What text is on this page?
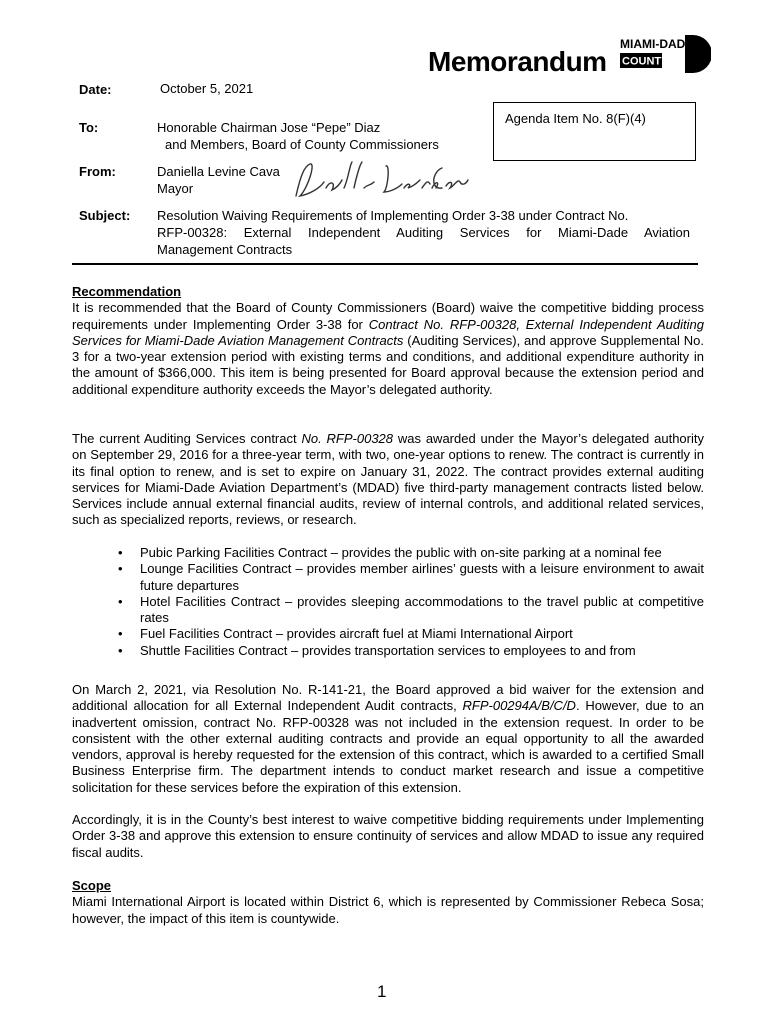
Memorandum
MIAMI-DADE
COUNTY
Date:	October 5, 2021
Agenda Item No. 8(F)(4)
To:	Honorable Chairman Jose “Pepe” Diaz
and Members, Board of County Commissioners
From:	Daniella Levine Cava
Mayor
Subject: Resolution Waiving Requirements of Implementing Order 3-38 under Contract No.
RFP-00328: External Independent Auditing Services for Miami-Dade Aviation
Management Contracts
Recommendation
It is recommended that the Board of County Commissioners (Board) waive the competitive bidding process requirements under Implementing Order 3-38 for Contract No. RFP-00328, External Independent Auditing Services for Miami-Dade Aviation Management Contracts (Auditing Services), and approve Supplemental No. 3 for a two-year extension period with existing terms and conditions, and additional expenditure authority in the amount of $366,000. This item is being presented for Board approval because the extension period and additional expenditure authority exceeds the Mayor’s delegated authority.
The current Auditing Services contract No. RFP-00328 was awarded under the Mayor’s delegated authority on September 29, 2016 for a three-year term, with two, one-year options to renew. The contract is currently in its final option to renew, and is set to expire on January 31, 2022. The contract provides external auditing services for Miami-Dade Aviation Department’s (MDAD) five third-party management contracts listed below. Services include annual external financial audits, review of internal controls, and additional related services, such as specialized reports, reviews, or research.
• Pubic Parking Facilities Contract – provides the public with on-site parking at a nominal fee
• Lounge Facilities Contract – provides member airlines’ guests with a leisure environment to await future departures
• Hotel Facilities Contract – provides sleeping accommodations to the travel public at competitive rates
• Fuel Facilities Contract – provides aircraft fuel at Miami International Airport
• Shuttle Facilities Contract – provides transportation services to employees to and from
On March 2, 2021, via Resolution No. R-141-21, the Board approved a bid waiver for the extension and additional allocation for all External Independent Audit contracts, RFP-00294A/B/C/D. However, due to an inadvertent omission, contract No. RFP-00328 was not included in the extension request. In order to be consistent with the other external auditing contracts and provide an equal opportunity to all the awarded vendors, approval is hereby requested for the extension of this contract, which is awarded to a certified Small Business Enterprise firm. The department intends to conduct market research and issue a competitive solicitation for these services before the expiration of this extension.
Accordingly, it is in the County’s best interest to waive competitive bidding requirements under Implementing Order 3-38 and approve this extension to ensure continuity of services and allow MDAD to issue any required fiscal audits.
Scope
Miami International Airport is located within District 6, which is represented by Commissioner Rebeca Sosa; however, the impact of this item is countywide.
1
